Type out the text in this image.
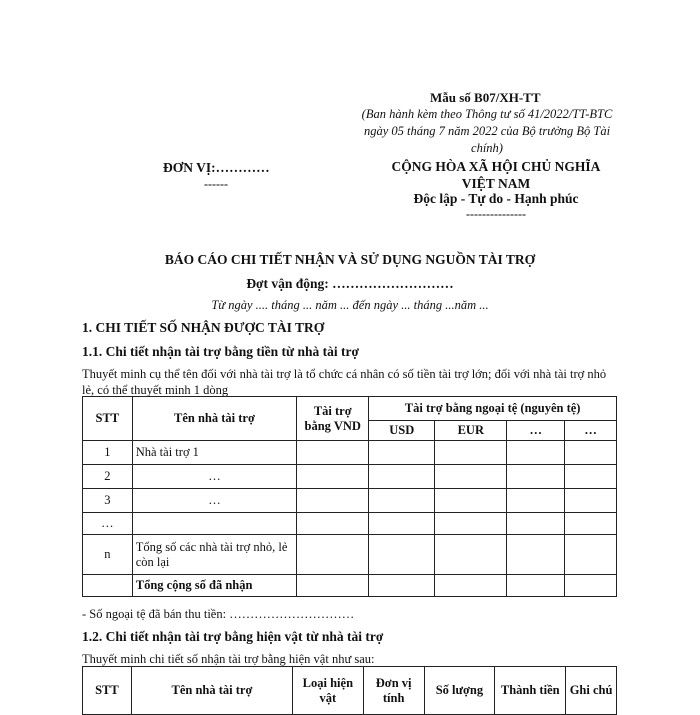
Mẫu số B07/XH-TT
(Ban hành kèm theo Thông tư số 41/2022/TT-BTC ngày 05 tháng 7 năm 2022 của Bộ trưởng Bộ Tài chính)
ĐƠN VỊ:…………
------
CỘNG HÒA XÃ HỘI CHỦ NGHĨA VIỆT NAM
Độc lập - Tự do - Hạnh phúc
---------------
BÁO CÁO CHI TIẾT NHẬN VÀ SỬ DỤNG NGUỒN TÀI TRỢ
Đợt vận động: ………………………
Từ ngày .... tháng ... năm ... đến ngày ... tháng ...năm ...
1. CHI TIẾT SỐ NHẬN ĐƯỢC TÀI TRỢ
1.1. Chi tiết nhận tài trợ bằng tiền từ nhà tài trợ
Thuyết minh cụ thể tên đối với nhà tài trợ là tổ chức cá nhân có số tiền tài trợ lớn; đối với nhà tài trợ nhỏ lẻ, có thể thuyết minh 1 dòng
STT	Tên nhà tài trợ	Tài trợ bằng VND	Tài trợ bằng ngoại tệ (nguyên tệ)			
			USD	EUR	…	…
1	Nhà tài trợ 1					
2	…					
3	…					
…						
n	Tổng số các nhà tài trợ nhỏ, lẻ còn lại					
	Tổng cộng số đã nhận					
- Số ngoại tệ đã bán thu tiền: …………………………
1.2. Chi tiết nhận tài trợ bằng hiện vật từ nhà tài trợ
Thuyết minh chi tiết số nhận tài trợ bằng hiện vật như sau:
STT	Tên nhà tài trợ	Loại hiện vật	Đơn vị tính	Số lượng	Thành tiền	Ghi chú
